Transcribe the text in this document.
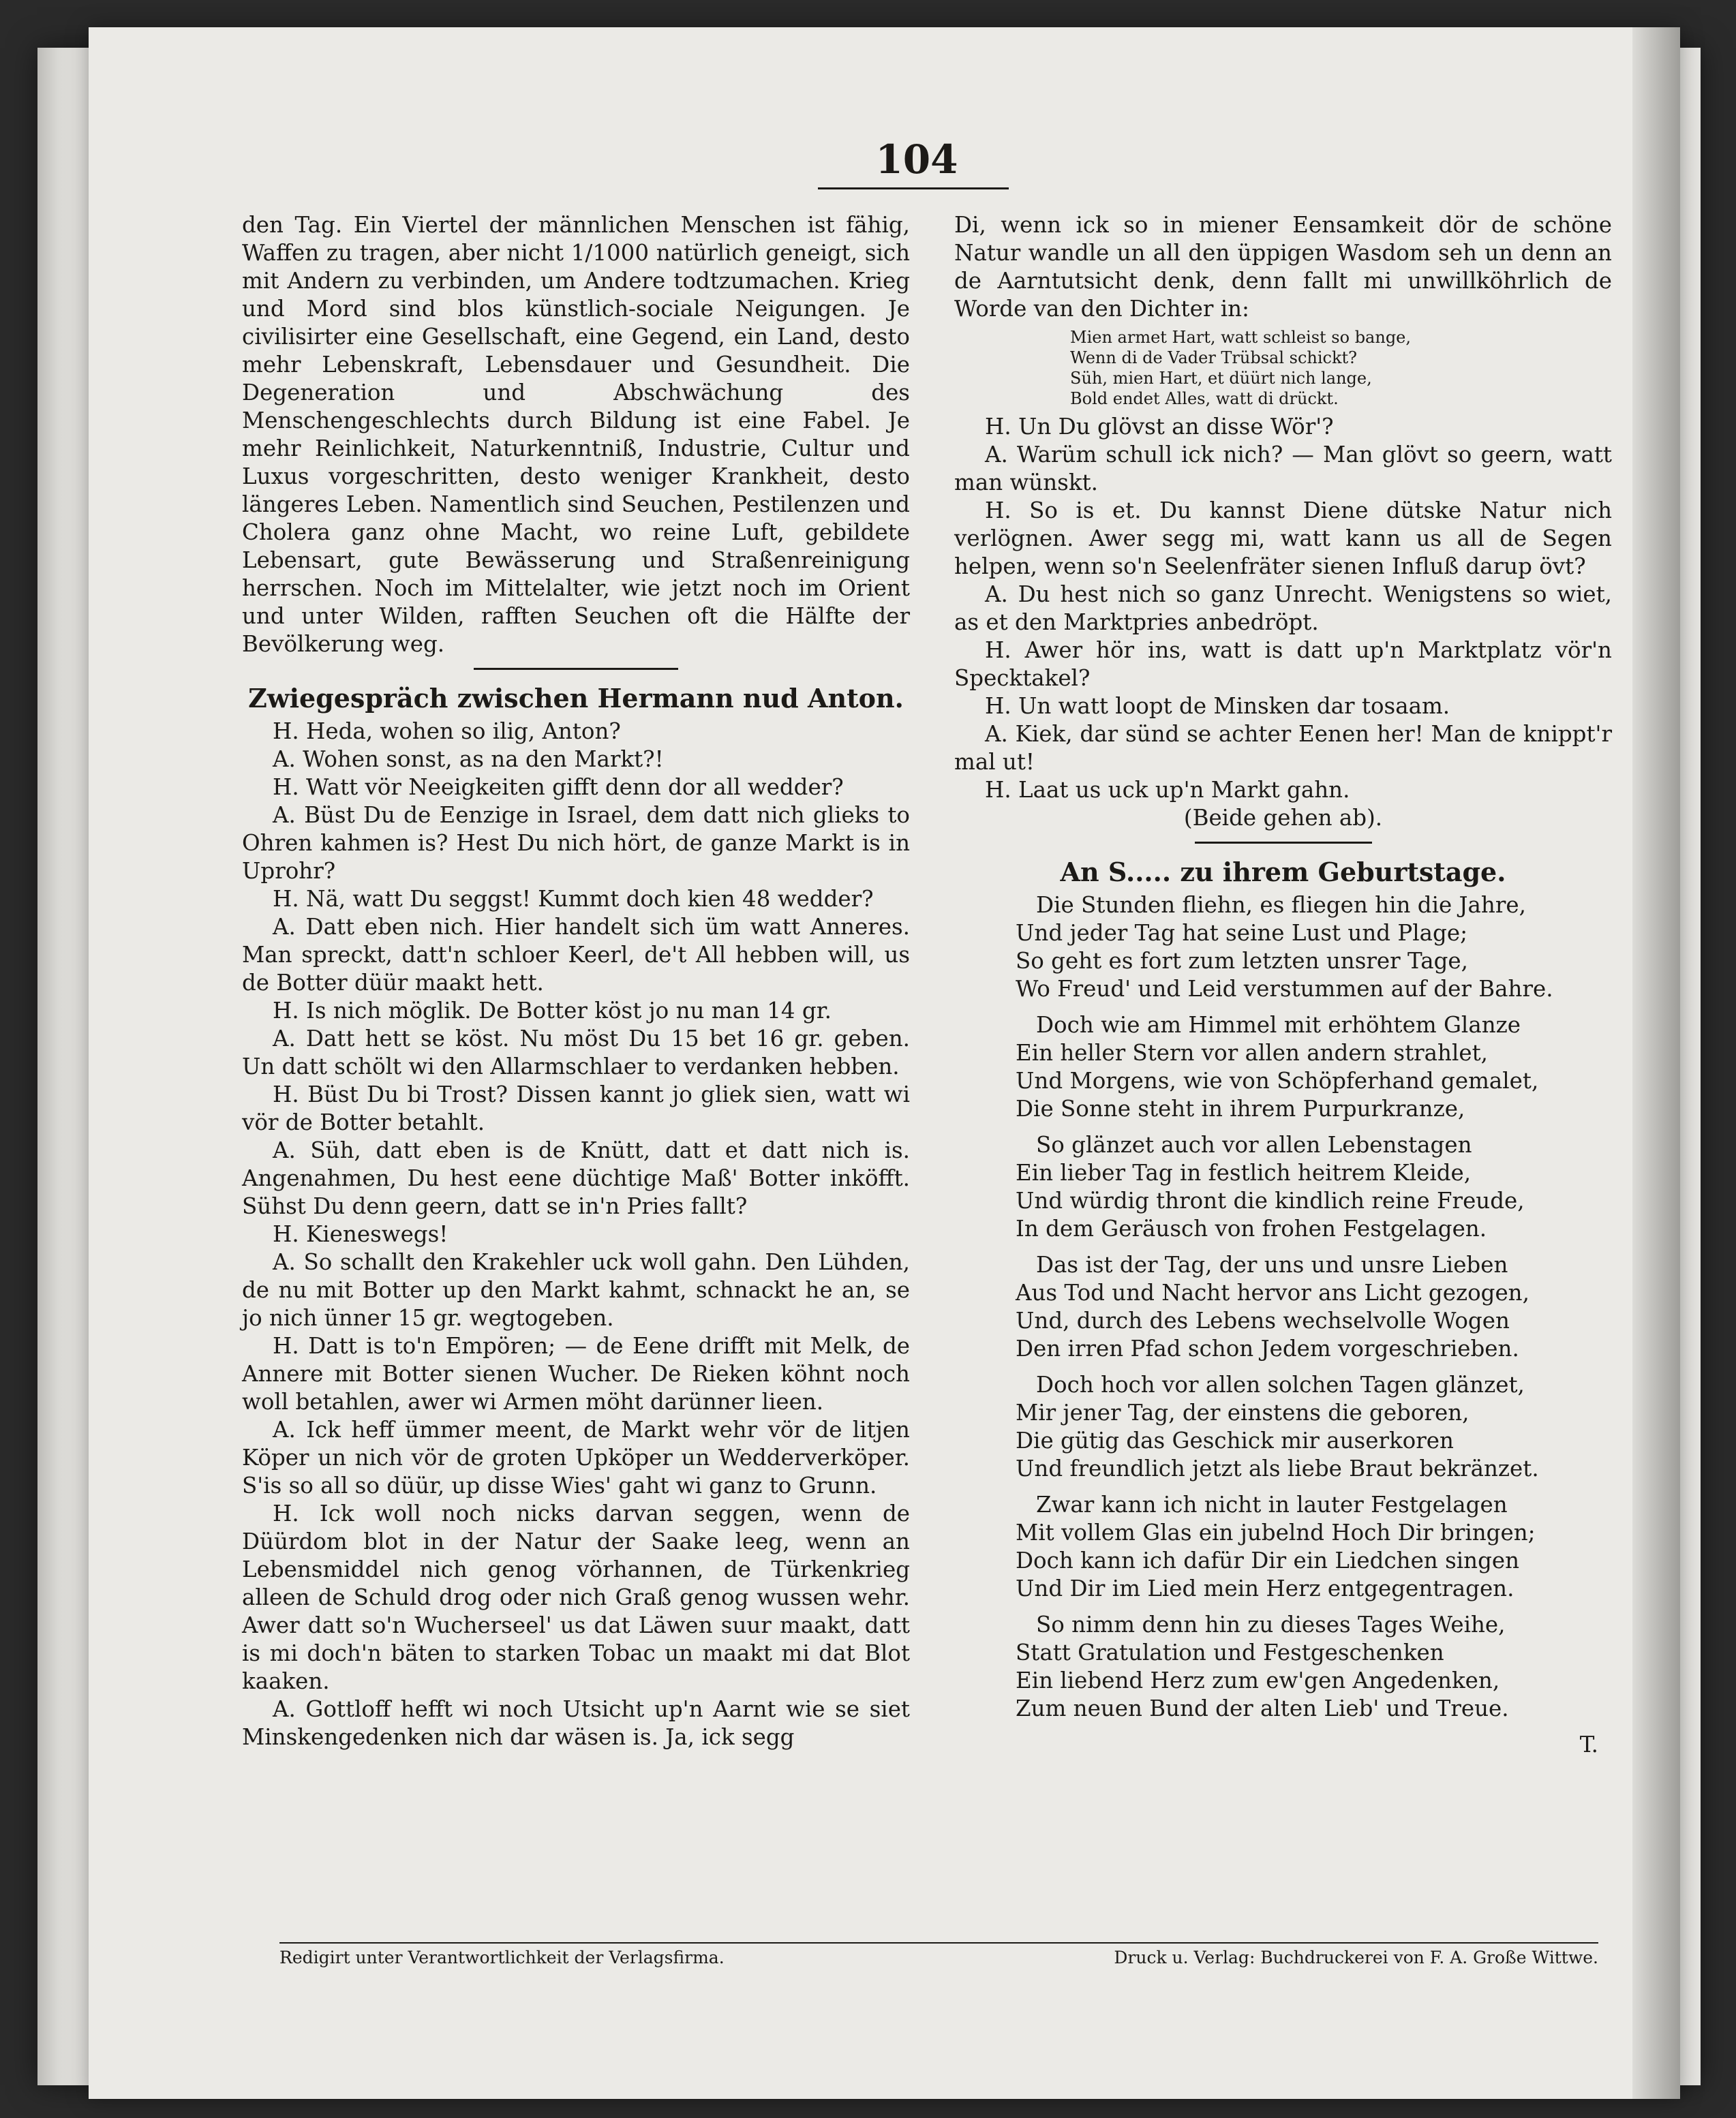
104

den Tag. Ein Viertel der männlichen Menschen ist fähig, Waffen zu tragen, aber nicht 1/1000 natürlich geneigt, sich mit Andern zu verbinden, um Andere todtzumachen. Krieg und Mord sind blos künstlich-sociale Neigungen. Je civilisirter eine Gesellschaft, eine Gegend, ein Land, desto mehr Lebenskraft, Lebensdauer und Gesundheit. Die Degeneration und Abschwächung des Menschengeschlechts durch Bildung ist eine Fabel. Je mehr Reinlichkeit, Naturkenntniß, Industrie, Cultur und Luxus vorgeschritten, desto weniger Krankheit, desto längeres Leben. Namentlich sind Seuchen, Pestilenzen und Cholera ganz ohne Macht, wo reine Luft, gebildete Lebensart, gute Bewässerung und Straßenreinigung herrschen. Noch im Mittelalter, wie jetzt noch im Orient und unter Wilden, rafften Seuchen oft die Hälfte der Bevölkerung weg.

Zwiegespräch zwischen Hermann nud Anton.

H. Heda, wohen so ilig, Anton?

A. Wohen sonst, as na den Markt?!

H. Watt vör Neeigkeiten gifft denn dor all wedder?

A. Büst Du de Eenzige in Israel, dem datt nich glieks to Ohren kahmen is? Hest Du nich hört, de ganze Markt is in Uprohr?

H. Nä, watt Du seggst! Kummt doch kien 48 wedder?

A. Datt eben nich. Hier handelt sich üm watt Anneres. Man spreckt, datt'n schloer Keerl, de't All hebben will, us de Botter düür maakt hett.

H. Is nich möglik. De Botter köst jo nu man 14 gr.

A. Datt hett se köst. Nu möst Du 15 bet 16 gr. geben. Un datt schölt wi den Allarmschlaer to verdanken hebben.

H. Büst Du bi Trost? Dissen kannt jo gliek sien, watt wi vör de Botter betahlt.

A. Süh, datt eben is de Knütt, datt et datt nich is. Angenahmen, Du hest eene düchtige Maß' Botter inköfft. Sühst Du denn geern, datt se in'n Pries fallt?

H. Kieneswegs!

A. So schallt den Krakehler uck woll gahn. Den Lühden, de nu mit Botter up den Markt kahmt, schnackt he an, se jo nich ünner 15 gr. wegtogeben.

H. Datt is to'n Empören; — de Eene drifft mit Melk, de Annere mit Botter sienen Wucher. De Rieken köhnt noch woll betahlen, awer wi Armen möht darünner lieen.

A. Ick heff ümmer meent, de Markt wehr vör de litjen Köper un nich vör de groten Upköper un Wedderverköper. S'is so all so düür, up disse Wies' gaht wi ganz to Grunn.

H. Ick woll noch nicks darvan seggen, wenn de Düürdom blot in der Natur der Saake leeg, wenn an Lebensmiddel nich genog vörhannen, de Türkenkrieg alleen de Schuld drog oder nich Graß genog wussen wehr. Awer datt so'n Wucherseel' us dat Läwen suur maakt, datt is mi doch'n bäten to starken Tobac un maakt mi dat Blot kaaken.

A. Gottloff hefft wi noch Utsicht up'n Aarnt wie se siet Minskengedenken nich dar wäsen is. Ja, ick segg

Di, wenn ick so in miener Eensamkeit dör de schöne Natur wandle un all den üppigen Wasdom seh un denn an de Aarntutsicht denk, denn fallt mi unwillköhrlich de Worde van den Dichter in:

Mien armet Hart, watt schleist so bange,
Wenn di de Vader Trübsal schickt?
Süh, mien Hart, et düürt nich lange,
Bold endet Alles, watt di drückt.

H. Un Du glövst an disse Wör'?

A. Warüm schull ick nich? — Man glövt so geern, watt man wünskt.

H. So is et. Du kannst Diene dütske Natur nich verlögnen. Awer segg mi, watt kann us all de Segen helpen, wenn so'n Seelenfräter sienen Influß darup övt?

A. Du hest nich so ganz Unrecht. Wenigstens so wiet, as et den Marktpries anbedröpt.

H. Awer hör ins, watt is datt up'n Marktplatz vör'n Specktakel?

H. Un watt loopt de Minsken dar tosaam.

A. Kiek, dar sünd se achter Eenen her! Man de knippt'r mal ut!

H. Laat us uck up'n Markt gahn.

(Beide gehen ab).

An S..... zu ihrem Geburtstage.

Die Stunden fliehn, es fliegen hin die Jahre,
Und jeder Tag hat seine Lust und Plage;
So geht es fort zum letzten unsrer Tage,
Wo Freud' und Leid verstummen auf der Bahre.
Doch wie am Himmel mit erhöhtem Glanze
Ein heller Stern vor allen andern strahlet,
Und Morgens, wie von Schöpferhand gemalet,
Die Sonne steht in ihrem Purpurkranze,
So glänzet auch vor allen Lebenstagen
Ein lieber Tag in festlich heitrem Kleide,
Und würdig thront die kindlich reine Freude,
In dem Geräusch von frohen Festgelagen.
Das ist der Tag, der uns und unsre Lieben
Aus Tod und Nacht hervor ans Licht gezogen,
Und, durch des Lebens wechselvolle Wogen
Den irren Pfad schon Jedem vorgeschrieben.
Doch hoch vor allen solchen Tagen glänzet,
Mir jener Tag, der einstens die geboren,
Die gütig das Geschick mir auserkoren
Und freundlich jetzt als liebe Braut bekränzet.
Zwar kann ich nicht in lauter Festgelagen
Mit vollem Glas ein jubelnd Hoch Dir bringen;
Doch kann ich dafür Dir ein Liedchen singen
Und Dir im Lied mein Herz entgegentragen.
So nimm denn hin zu dieses Tages Weihe,
Statt Gratulation und Festgeschenken
Ein liebend Herz zum ew'gen Angedenken,
Zum neuen Bund der alten Lieb' und Treue.

T.

Redigirt unter Verantwortlichkeit der Verlagsfirma.	Druck u. Verlag: Buchdruckerei von F. A. Große Wittwe.
